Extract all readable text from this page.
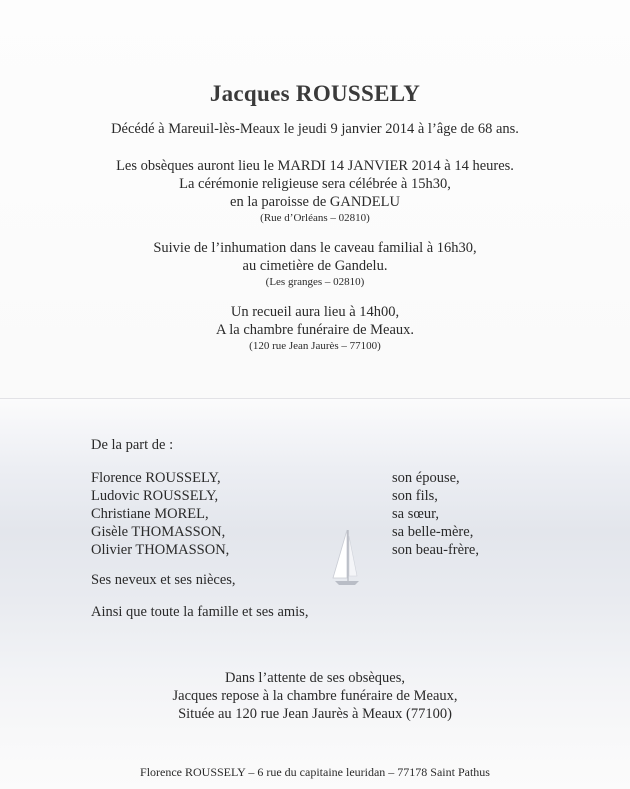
Jacques ROUSSELY
Décédé à Mareuil-lès-Meaux le jeudi 9 janvier 2014 à l’âge de 68 ans.
Les obsèques auront lieu le MARDI 14 JANVIER 2014 à 14 heures.
La cérémonie religieuse sera célébrée à 15h30,
en la paroisse de GANDELU
(Rue d’Orléans – 02810)
Suivie de l’inhumation dans le caveau familial à 16h30,
au cimetière de Gandelu.
(Les granges – 02810)
Un recueil aura lieu à 14h00,
A la chambre funéraire de Meaux.
(120 rue Jean Jaurès – 77100)
De la part de :
Florence ROUSSELY,	son épouse,
Ludovic ROUSSELY,	son fils,
Christiane MOREL,	sa sœur,
Gisèle THOMASSON,	sa belle-mère,
Olivier THOMASSON,	son beau-frère,
Ses neveux et ses nièces,
Ainsi que toute la famille et ses amis,
Dans l’attente de ses obsèques,
Jacques repose à la chambre funéraire de Meaux,
Située au 120 rue Jean Jaurès à Meaux (77100)
Florence ROUSSELY – 6 rue du capitaine leuridan – 77178 Saint Pathus
